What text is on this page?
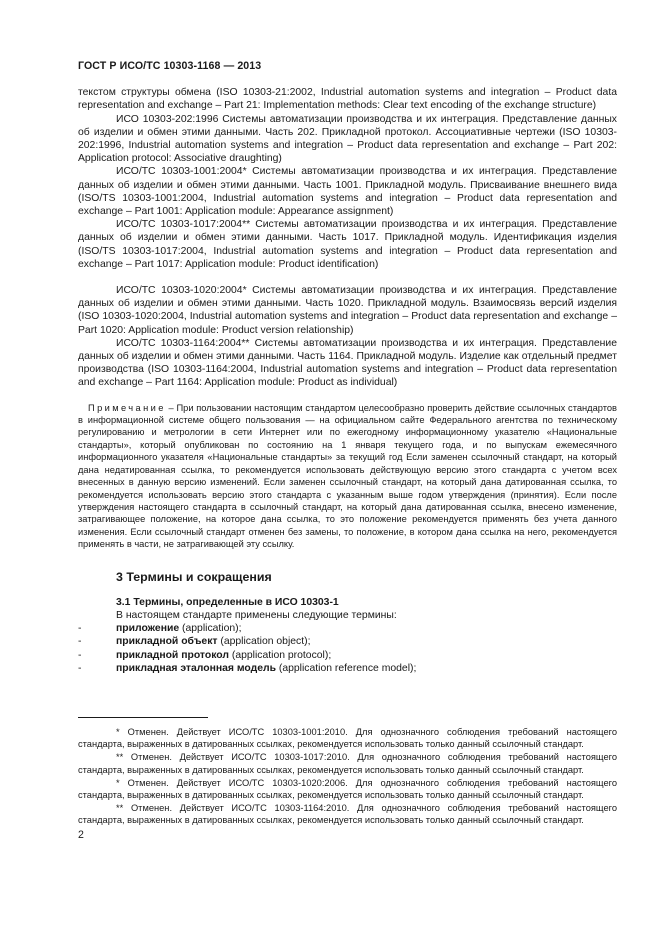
ГОСТ Р ИСО/ТС 10303-1168 — 2013

текстом структуры обмена (ISO 10303-21:2002, Industrial automation systems and integration – Product data representation and exchange – Part 21: Implementation methods: Clear text encoding of the exchange structure)

ИСО 10303-202:1996 Системы автоматизации производства и их интеграция. Представление данных об изделии и обмен этими данными. Часть 202. Прикладной протокол. Ассоциативные чертежи (ISO 10303-202:1996, Industrial automation systems and integration – Product data representation and exchange – Part 202: Application protocol: Associative draughting)

ИСО/ТС 10303-1001:2004* Системы автоматизации производства и их интеграция. Представление данных об изделии и обмен этими данными. Часть 1001. Прикладной модуль. Присваивание внешнего вида (ISO/TS 10303-1001:2004, Industrial automation systems and integration – Product data representation and exchange – Part 1001: Application module: Appearance assignment)

ИСО/ТС 10303-1017:2004** Системы автоматизации производства и их интеграция. Представление данных об изделии и обмен этими данными. Часть 1017. Прикладной модуль. Идентификация изделия (ISO/TS 10303-1017:2004, Industrial automation systems and integration – Product data representation and exchange – Part 1017: Application module: Product identification)

ИСО/ТС 10303-1020:2004* Системы автоматизации производства и их интеграция. Представление данных об изделии и обмен этими данными. Часть 1020. Прикладной модуль. Взаимосвязь версий изделия (ISO 10303-1020:2004, Industrial automation systems and integration – Product data representation and exchange – Part 1020: Application module: Product version relationship)

ИСО/ТС 10303-1164:2004** Системы автоматизации производства и их интеграция. Представление данных об изделии и обмен этими данными. Часть 1164. Прикладной модуль. Изделие как отдельный предмет производства (ISO 10303-1164:2004, Industrial automation systems and integration – Product data representation and exchange – Part 1164: Application module: Product as individual)

Примечание – При пользовании настоящим стандартом целесообразно проверить действие ссылочных стандартов в информационной системе общего пользования — на официальном сайте Федерального агентства по техническому регулированию и метрологии в сети Интернет или по ежегодному информационному указателю «Национальные стандарты», который опубликован по состоянию на 1 января текущего года, и по выпускам ежемесячного информационного указателя «Национальные стандарты» за текущий год Если заменен ссылочный стандарт, на который дана недатированная ссылка, то рекомендуется использовать действующую версию этого стандарта с учетом всех внесенных в данную версию изменений. Если заменен ссылочный стандарт, на который дана датированная ссылка, то рекомендуется использовать версию этого стандарта с указанным выше годом утверждения (принятия). Если после утверждения настоящего стандарта в ссылочный стандарт, на который дана датированная ссылка, внесено изменение, затрагивающее положение, на которое дана ссылка, то это положение рекомендуется применять без учета данного изменения. Если ссылочный стандарт отменен без замены, то положение, в котором дана ссылка на него, рекомендуется применять в части, не затрагивающей эту ссылку.

3 Термины и сокращения
3.1 Термины, определенные в ИСО 10303-1
В настоящем стандарте применены следующие термины:
-	приложение (application);
-	прикладной объект (application object);
-	прикладной протокол (application protocol);
-	прикладная эталонная модель (application reference model);

* Отменен. Действует ИСО/ТС 10303-1001:2010. Для однозначного соблюдения требований настоящего стандарта, выраженных в датированных ссылках, рекомендуется использовать только данный ссылочный стандарт.

** Отменен. Действует ИСО/ТС 10303-1017:2010. Для однозначного соблюдения требований настоящего стандарта, выраженных в датированных ссылках, рекомендуется использовать только данный ссылочный стандарт.

* Отменен. Действует ИСО/ТС 10303-1020:2006. Для однозначного соблюдения требований настоящего стандарта, выраженных в датированных ссылках, рекомендуется использовать только данный ссылочный стандарт.

** Отменен. Действует ИСО/ТС 10303-1164:2010. Для однозначного соблюдения требований настоящего стандарта, выраженных в датированных ссылках, рекомендуется использовать только данный ссылочный стандарт.

2
